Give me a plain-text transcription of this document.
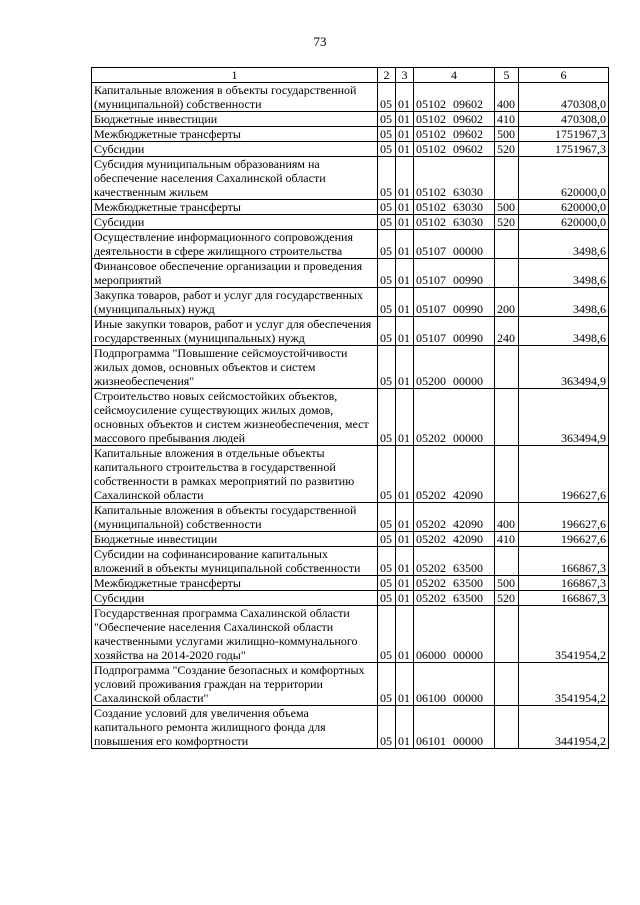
73
1	2	3	4	5	6
Капитальные вложения в объекты государственной (муниципальной) собственности	05	01	05102 09602	400	470308,0
Бюджетные инвестиции	05	01	05102 09602	410	470308,0
Межбюджетные трансферты	05	01	05102 09602	500	1751967,3
Субсидии	05	01	05102 09602	520	1751967,3
Субсидия муниципальным образованиям на обеспечение населения Сахалинской области качественным жильем	05	01	05102 63030		620000,0
Межбюджетные трансферты	05	01	05102 63030	500	620000,0
Субсидии	05	01	05102 63030	520	620000,0
Осуществление информационного сопровождения деятельности в сфере жилищного строительства	05	01	05107 00000		3498,6
Финансовое обеспечение организации и проведения мероприятий	05	01	05107 00990		3498,6
Закупка товаров, работ и услуг для государственных (муниципальных) нужд	05	01	05107 00990	200	3498,6
Иные закупки товаров, работ и услуг для обеспечения государственных (муниципальных) нужд	05	01	05107 00990	240	3498,6
Подпрограмма "Повышение сейсмоустойчивости жилых домов, основных объектов и систем жизнеобеспечения"	05	01	05200 00000		363494,9
Строительство новых сейсмостойких объектов, сейсмоусиление существующих жилых домов, основных объектов и систем жизнеобеспечения, мест массового пребывания людей	05	01	05202 00000		363494,9
Капитальные вложения в отдельные объекты капитального строительства в государственной собственности в рамках мероприятий по развитию Сахалинской области	05	01	05202 42090		196627,6
Капитальные вложения в объекты государственной (муниципальной) собственности	05	01	05202 42090	400	196627,6
Бюджетные инвестиции	05	01	05202 42090	410	196627,6
Субсидии на софинансирование капитальных вложений в объекты муниципальной собственности	05	01	05202 63500		166867,3
Межбюджетные трансферты	05	01	05202 63500	500	166867,3
Субсидии	05	01	05202 63500	520	166867,3
Государственная программа Сахалинской области "Обеспечение населения Сахалинской области качественными услугами жилищно-коммунального хозяйства на 2014-2020 годы"	05	01	06000 00000		3541954,2
Подпрограмма "Создание безопасных и комфортных условий проживания граждан на территории Сахалинской области"	05	01	06100 00000		3541954,2
Создание условий для увеличения объема капитального ремонта жилищного фонда для повышения его комфортности	05	01	06101 00000		3441954,2
